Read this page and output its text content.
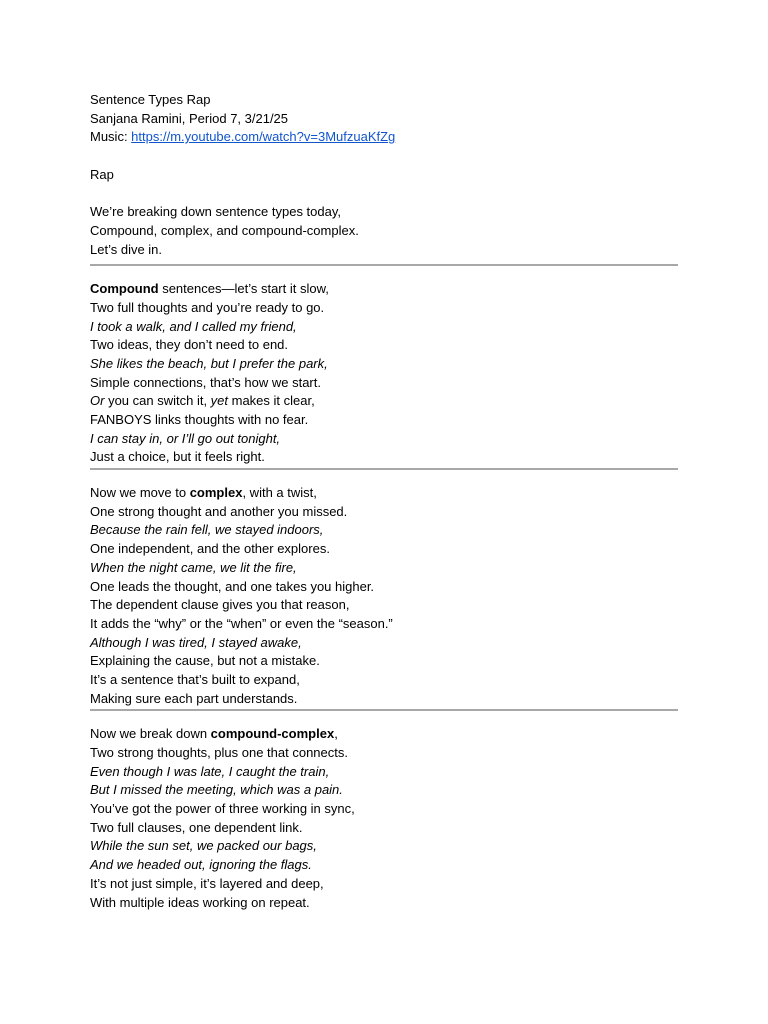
Sentence Types Rap
Sanjana Ramini, Period 7, 3/21/25
Music: https://m.youtube.com/watch?v=3MufzuaKfZg
Rap
We’re breaking down sentence types today,
Compound, complex, and compound-complex.
Let’s dive in.
Compound sentences—let’s start it slow,
Two full thoughts and you’re ready to go.
I took a walk, and I called my friend,
Two ideas, they don’t need to end.
She likes the beach, but I prefer the park,
Simple connections, that’s how we start.
Or you can switch it, yet makes it clear,
FANBOYS links thoughts with no fear.
I can stay in, or I’ll go out tonight,
Just a choice, but it feels right.
Now we move to complex, with a twist,
One strong thought and another you missed.
Because the rain fell, we stayed indoors,
One independent, and the other explores.
When the night came, we lit the fire,
One leads the thought, and one takes you higher.
The dependent clause gives you that reason,
It adds the “why” or the “when” or even the “season.”
Although I was tired, I stayed awake,
Explaining the cause, but not a mistake.
It’s a sentence that’s built to expand,
Making sure each part understands.
Now we break down compound-complex,
Two strong thoughts, plus one that connects.
Even though I was late, I caught the train,
But I missed the meeting, which was a pain.
You’ve got the power of three working in sync,
Two full clauses, one dependent link.
While the sun set, we packed our bags,
And we headed out, ignoring the flags.
It’s not just simple, it’s layered and deep,
With multiple ideas working on repeat.
